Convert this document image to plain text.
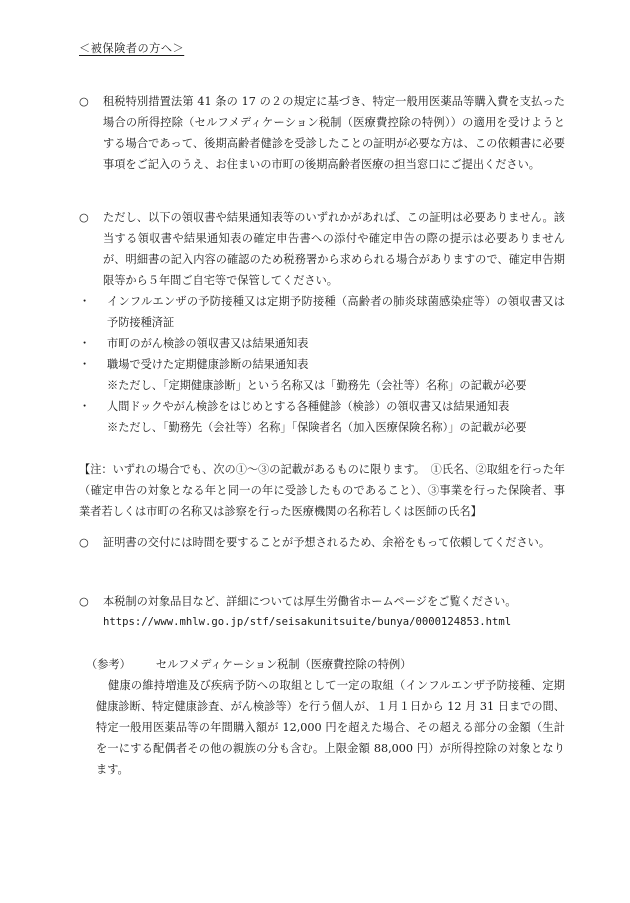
＜被保険者の方へ＞
○	租税特別措置法第 41 条の 17 の２の規定に基づき、特定一般用医薬品等購入費を支払った場合の所得控除（セルフメディケーション税制（医療費控除の特例））の適用を受けようとする場合であって、後期高齢者健診を受診したことの証明が必要な方は、この依頼書に必要事項をご記入のうえ、お住まいの市町の後期高齢者医療の担当窓口にご提出ください。
○	ただし、以下の領収書や結果通知表等のいずれかがあれば、この証明は必要ありません。該当する領収書や結果通知表の確定申告書への添付や確定申告の際の提示は必要ありませんが、明細書の記入内容の確認のため税務署から求められる場合がありますので、確定申告期限等から５年間ご自宅等で保管してください。
・	インフルエンザの予防接種又は定期予防接種（高齢者の肺炎球菌感染症等）の領収書又は予防接種済証
・	市町のがん検診の領収書又は結果通知表
・	職場で受けた定期健康診断の結果通知表
※ただし、「定期健康診断」という名称又は「勤務先（会社等）名称」の記載が必要
・	人間ドックやがん検診をはじめとする各種健診（検診）の領収書又は結果通知表
※ただし、「勤務先（会社等）名称」「保険者名（加入医療保険名称）」の記載が必要
【注：いずれの場合でも、次の①～③の記載があるものに限ります。　①氏名、②取組を行った年（確定申告の対象となる年と同一の年に受診したものであること）、③事業を行った保険者、事業者若しくは市町の名称又は診察を行った医療機関の名称若しくは医師の氏名】
○	証明書の交付には時間を要することが予想されるため、余裕をもって依頼してください。
○	本税制の対象品目など、詳細については厚生労働省ホームページをご覧ください。
https://www.mhlw.go.jp/stf/seisakunitsuite/bunya/0000124853.html
（参考） セルフメディケーション税制（医療費控除の特例）
健康の維持増進及び疾病予防への取組として一定の取組（インフルエンザ予防接種、定期健康診断、特定健康診査、がん検診等）を行う個人が、１月１日から 12 月 31 日までの間、特定一般用医薬品等の年間購入額が 12,000 円を超えた場合、その超える部分の金額（生計を一にする配偶者その他の親族の分も含む。上限金額 88,000 円）が所得控除の対象となります。
